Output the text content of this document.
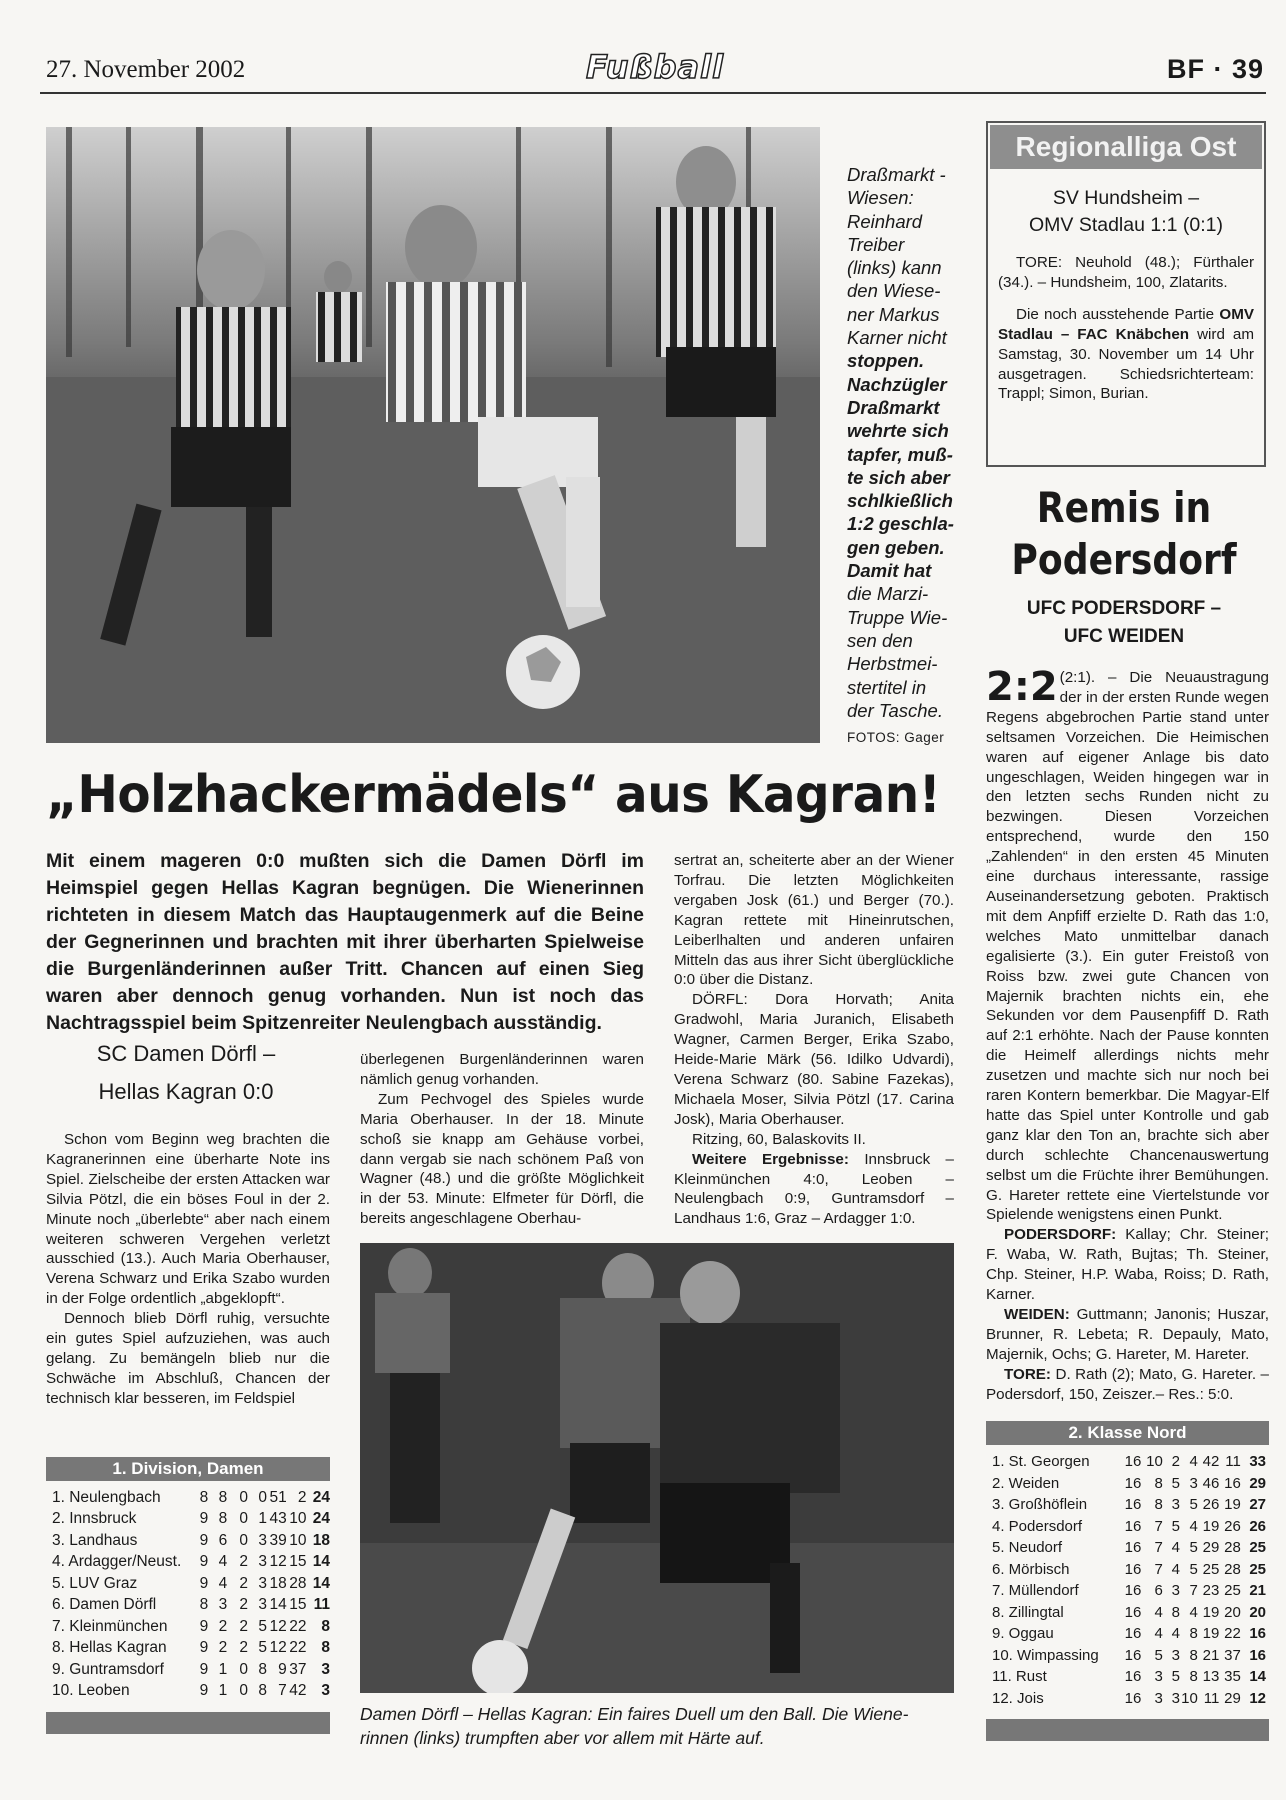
27. November 2002	Fußball	BF · 39
Draßmarkt -
Wiesen:
Reinhard
Treiber
(links) kann
den Wiese-
ner Markus
Karner nicht
stoppen.
Nachzügler
Draßmarkt
wehrte sich
tapfer, muß-
te sich aber
schlkießlich
1:2 geschla-
gen geben.
Damit hat
die Marzi-
Truppe Wie-
sen den
Herbstmei-
stertitel in
der Tasche.
FOTOS: Gager
„Holzhackermädels“ aus Kagran!
Mit einem mageren 0:0 mußten sich die Damen Dörfl im Heimspiel gegen Hellas Kagran begnügen. Die Wienerinnen richteten in diesem Match das Hauptaugenmerk auf die Beine der Gegnerinnen und brachten mit ihrer überharten Spielweise die Burgenländerinnen außer Tritt. Chancen auf einen Sieg waren aber dennoch genug vorhanden. Nun ist noch das Nachtragsspiel beim Spitzenreiter Neulengbach ausständig.
SC Damen Dörfl –
Hellas Kagran 0:0

Schon vom Beginn weg brachten die Kagranerinnen eine überharte Note ins Spiel. Zielscheibe der ersten Attacken war Silvia Pötzl, die ein böses Foul in der 2. Minute noch „überlebte“ aber nach einem weiteren schweren Vergehen verletzt ausschied (13.). Auch Maria Oberhauser, Verena Schwarz und Erika Szabo wurden in der Folge ordentlich „abgeklopft“.

Dennoch blieb Dörfl ruhig, versuchte ein gutes Spiel aufzuziehen, was auch gelang. Zu bemängeln blieb nur die Schwäche im Abschluß, Chancen der technisch klar besseren, im Feldspiel

überlegenen Burgenländerinnen waren nämlich genug vorhanden.

Zum Pechvogel des Spieles wurde Maria Oberhauser. In der 18. Minute schoß sie knapp am Gehäuse vorbei, dann vergab sie nach schönem Paß von Wagner (48.) und die größte Möglichkeit in der 53. Minute: Elfmeter für Dörfl, die bereits angeschlagene Oberhau-

sertrat an, scheiterte aber an der Wiener Torfrau. Die letzten Möglichkeiten vergaben Josk (61.) und Berger (70.). Kagran rettete mit Hineinrutschen, Leiberlhalten und anderen unfairen Mitteln das aus ihrer Sicht überglückliche 0:0 über die Distanz.

DÖRFL: Dora Horvath; Anita Gradwohl, Maria Juranich, Elisabeth Wagner, Carmen Berger, Erika Szabo, Heide-Marie Märk (56. Idilko Udvardi), Verena Schwarz (80. Sabine Fazekas), Michaela Moser, Silvia Pötzl (17. Carina Josk), Maria Oberhauser.

Ritzing, 60, Balaskovits II.

Weitere Ergebnisse: Innsbruck – Kleinmünchen 4:0, Leoben – Neulengbach 0:9, Guntramsdorf – Landhaus 1:6, Graz – Ardagger 1:0.

1. Division, Damen
1. Neulengbach	8	8	0	0	51	2	24
2. Innsbruck	9	8	0	1	43	10	24
3. Landhaus	9	6	0	3	39	10	18
4. Ardagger/Neust.	9	4	2	3	12	15	14
5. LUV Graz	9	4	2	3	18	28	14
6. Damen Dörfl	8	3	2	3	14	15	11
7. Kleinmünchen	9	2	2	5	12	22	8
8. Hellas Kagran	9	2	2	5	12	22	8
9. Guntramsdorf	9	1	0	8	9	37	3
10. Leoben	9	1	0	8	7	42	3
Damen Dörfl – Hellas Kagran: Ein faires Duell um den Ball. Die Wiene-
rinnen (links) trumpften aber vor allem mit Härte auf.
Regionalliga Ost
SV Hundsheim –
OMV Stadlau 1:1 (0:1)

TORE: Neuhold (48.); Fürthaler (34.). – Hundsheim, 100, Zlatarits.

Die noch ausstehende Partie OMV Stadlau – FAC Knäbchen wird am Samstag, 30. November um 14 Uhr ausgetragen. Schiedsrichterteam: Trappl; Simon, Burian.

Remis in
Podersdorf
UFC PODERSDORF –
UFC WEIDEN

2:2 (2:1). – Die Neuaustragung der in der ersten Runde wegen Regens abgebrochen Partie stand unter seltsamen Vorzeichen. Die Heimischen waren auf eigener Anlage bis dato ungeschlagen, Weiden hingegen war in den letzten sechs Runden nicht zu bezwingen. Diesen Vorzeichen entsprechend, wurde den 150 „Zahlenden“ in den ersten 45 Minuten eine durchaus interessante, rassige Auseinandersetzung geboten. Praktisch mit dem Anpfiff erzielte D. Rath das 1:0, welches Mato unmittelbar danach egalisierte (3.). Ein guter Freistoß von Roiss bzw. zwei gute Chancen von Majernik brachten nichts ein, ehe Sekunden vor dem Pausenpfiff D. Rath auf 2:1 erhöhte. Nach der Pause konnten die Heimelf allerdings nichts mehr zusetzen und machte sich nur noch bei raren Kontern bemerkbar. Die Magyar-Elf hatte das Spiel unter Kontrolle und gab ganz klar den Ton an, brachte sich aber durch schlechte Chancenauswertung selbst um die Früchte ihrer Bemühungen. G. Hareter rettete eine Viertelstunde vor Spielende wenigstens einen Punkt.

PODERSDORF: Kallay; Chr. Steiner; F. Waba, W. Rath, Bujtas; Th. Steiner, Chp. Steiner, H.P. Waba, Roiss; D. Rath, Karner.

WEIDEN: Guttmann; Janonis; Huszar, Brunner, R. Lebeta; R. Depauly, Mato, Majernik, Ochs; G. Hareter, M. Hareter.

TORE: D. Rath (2); Mato, G. Hareter. – Podersdorf, 150, Zeiszer.– Res.: 5:0.

2. Klasse Nord
1. St. Georgen	16	10	2	4	42	11	33
2. Weiden	16	8	5	3	46	16	29
3. Großhöflein	16	8	3	5	26	19	27
4. Podersdorf	16	7	5	4	19	26	26
5. Neudorf	16	7	4	5	29	28	25
6. Mörbisch	16	7	4	5	25	28	25
7. Müllendorf	16	6	3	7	23	25	21
8. Zillingtal	16	4	8	4	19	20	20
9. Oggau	16	4	4	8	19	22	16
10. Wimpassing	16	5	3	8	21	37	16
11. Rust	16	3	5	8	13	35	14
12. Jois	16	3	3	10	11	29	12
